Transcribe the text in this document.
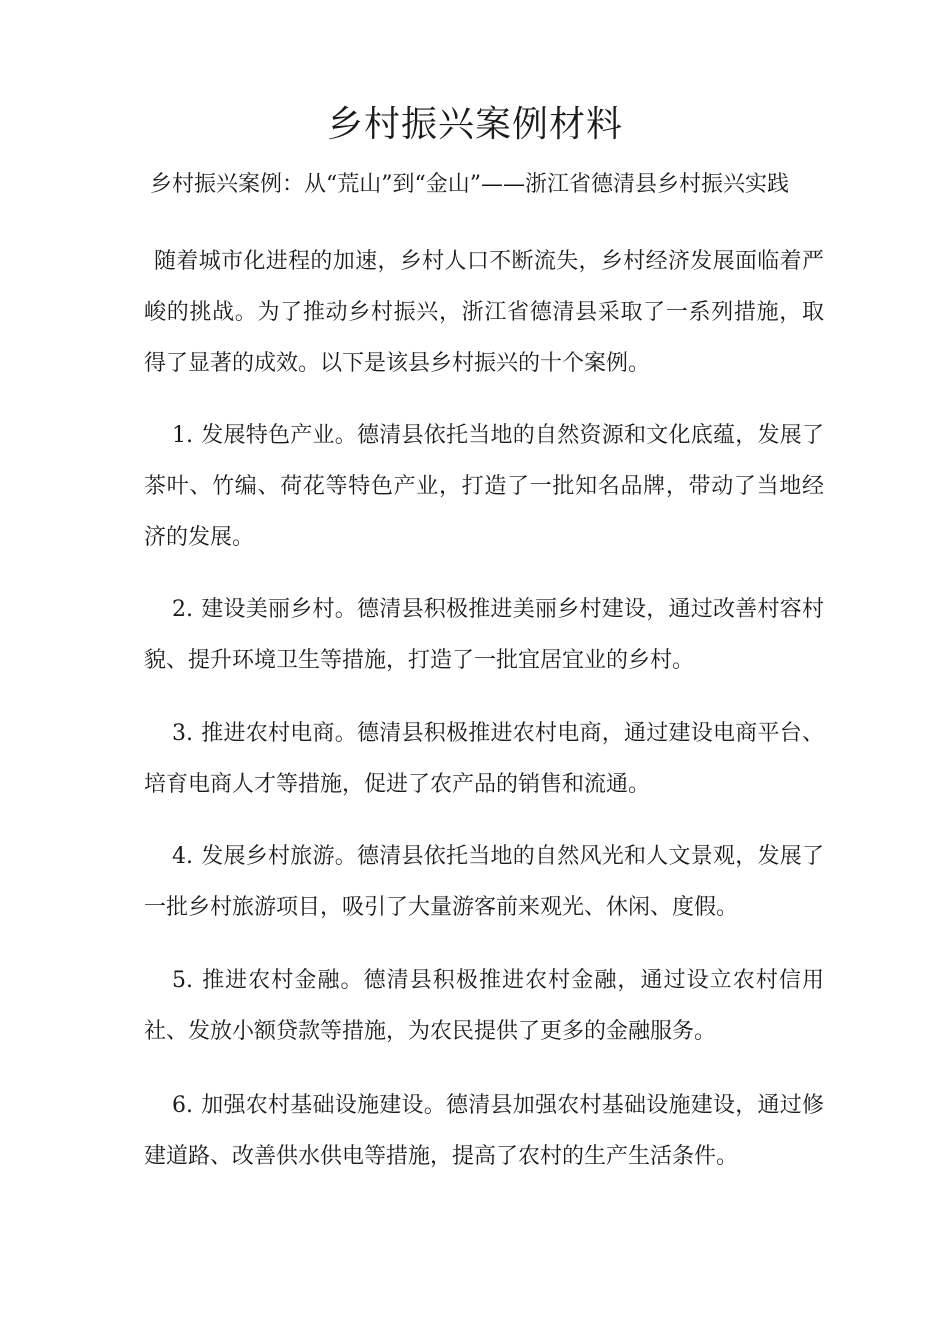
乡村振兴案例材料
乡村振兴案例：从“荒山”到“金山”——浙江省德清县乡村振兴实践

随着城市化进程的加速，乡村人口不断流失，乡村经济发展面临着严峻的挑战。为了推动乡村振兴，浙江省德清县采取了一系列措施，取得了显著的成效。以下是该县乡村振兴的十个案例。

1. 发展特色产业。德清县依托当地的自然资源和文化底蕴，发展了茶叶、竹编、荷花等特色产业，打造了一批知名品牌，带动了当地经济的发展。

2. 建设美丽乡村。德清县积极推进美丽乡村建设，通过改善村容村貌、提升环境卫生等措施，打造了一批宜居宜业的乡村。

3. 推进农村电商。德清县积极推进农村电商，通过建设电商平台、培育电商人才等措施，促进了农产品的销售和流通。

4. 发展乡村旅游。德清县依托当地的自然风光和人文景观，发展了一批乡村旅游项目，吸引了大量游客前来观光、休闲、度假。

5. 推进农村金融。德清县积极推进农村金融，通过设立农村信用社、发放小额贷款等措施，为农民提供了更多的金融服务。

6. 加强农村基础设施建设。德清县加强农村基础设施建设，通过修建道路、改善供水供电等措施，提高了农村的生产生活条件。
